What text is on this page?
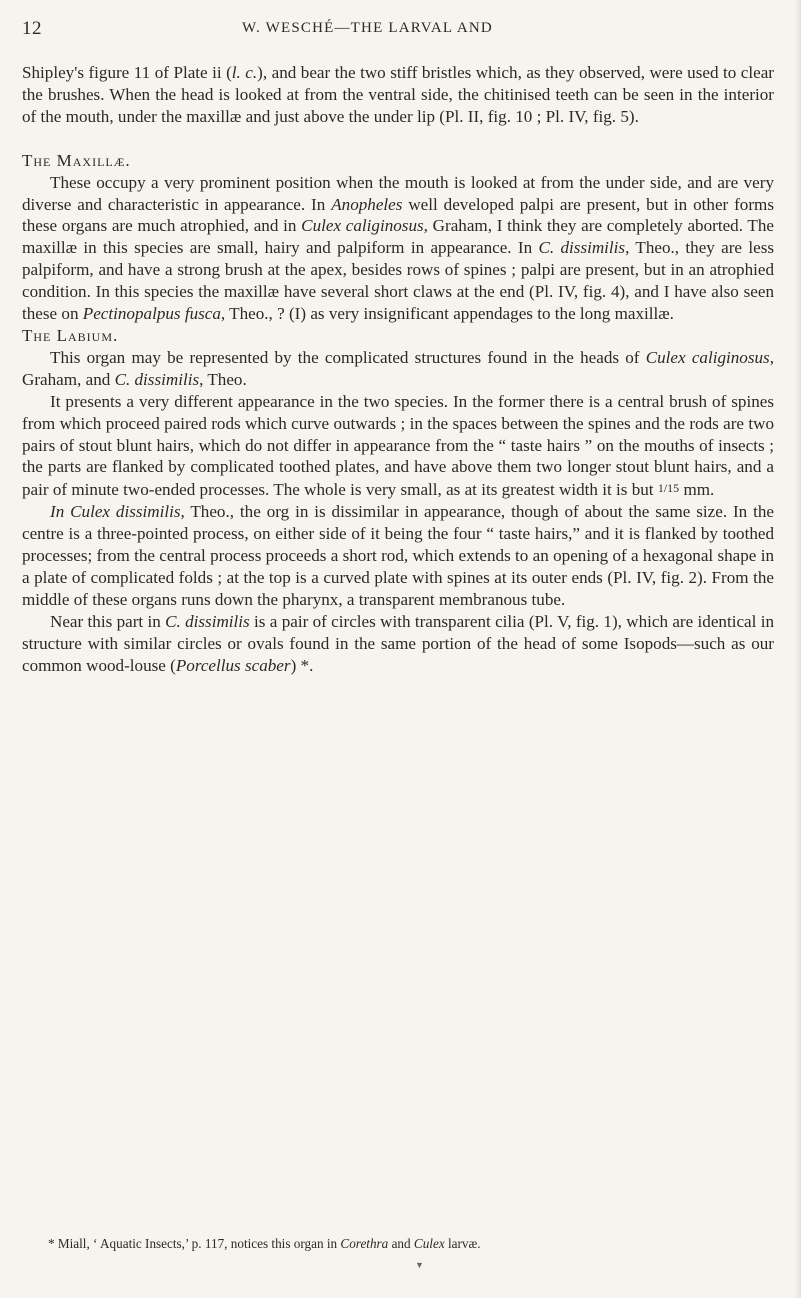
12	W. WESCHÉ—THE LARVAL AND

Shipley's figure 11 of Plate ii (l. c.), and bear the two stiff bristles which, as they observed, were used to clear the brushes. When the head is looked at from the ventral side, the chitinised teeth can be seen in the interior of the mouth, under the maxillæ and just above the under lip (Pl. II, fig. 10 ; Pl. IV, fig. 5).

The Maxillæ.

These occupy a very prominent position when the mouth is looked at from the under side, and are very diverse and characteristic in appearance. In Anopheles well developed palpi are present, but in other forms these organs are much atrophied, and in Culex caliginosus, Graham, I think they are completely aborted. The maxillæ in this species are small, hairy and palpiform in appearance. In C. dissimilis, Theo., they are less palpiform, and have a strong brush at the apex, besides rows of spines ; palpi are present, but in an atrophied condition. In this species the maxillæ have several short claws at the end (Pl. IV, fig. 4), and I have also seen these on Pectinopalpus fusca, Theo., ? (I) as very insignificant appendages to the long maxillæ.

The Labium.

This organ may be represented by the complicated structures found in the heads of Culex caliginosus, Graham, and C. dissimilis, Theo.

It presents a very different appearance in the two species. In the former there is a central brush of spines from which proceed paired rods which curve outwards ; in the spaces between the spines and the rods are two pairs of stout blunt hairs, which do not differ in appearance from the “ taste hairs ” on the mouths of insects ; the parts are flanked by complicated toothed plates, and have above them two longer stout blunt hairs, and a pair of minute two-ended processes. The whole is very small, as at its greatest width it is but 1/15 mm.

In Culex dissimilis, Theo., the org in is dissimilar in appearance, though of about the same size. In the centre is a three-pointed process, on either side of it being the four “ taste hairs,” and it is flanked by toothed processes; from the central process proceeds a short rod, which extends to an opening of a hexagonal shape in a plate of complicated folds ; at the top is a curved plate with spines at its outer ends (Pl. IV, fig. 2). From the middle of these organs runs down the pharynx, a transparent membranous tube.

Near this part in C. dissimilis is a pair of circles with transparent cilia (Pl. V, fig. 1), which are identical in structure with similar circles or ovals found in the same portion of the head of some Isopods—such as our common wood-louse (Porcellus scaber) *.

* Miall, ‘ Aquatic Insects,’ p. 117, notices this organ in Corethra and Culex larvæ.
▼
